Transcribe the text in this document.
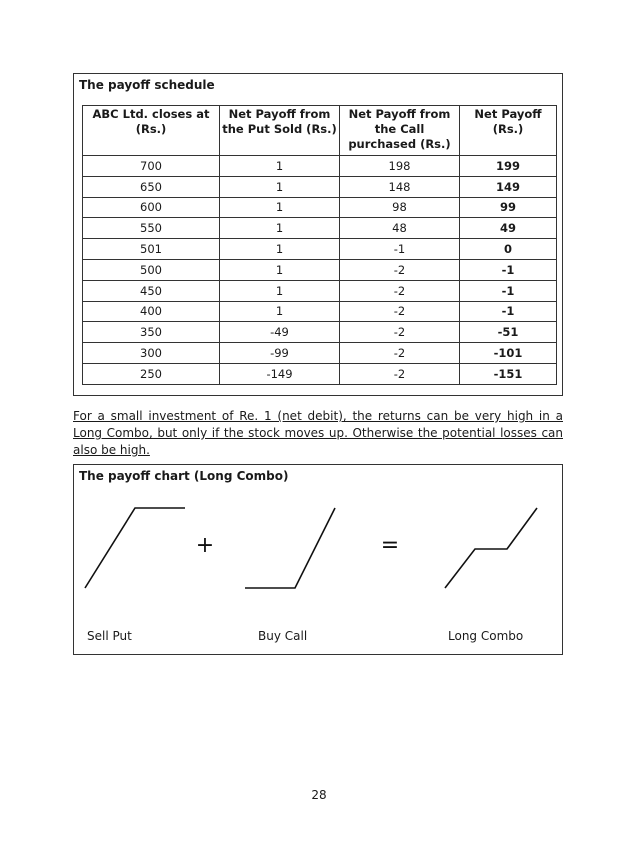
The payoff schedule
ABC Ltd. closes at (Rs.)	Net Payoff from the Put Sold (Rs.)	Net Payoff from the Call purchased (Rs.)	Net Payoff (Rs.)
700	1	198	199
650	1	148	149
600	1	98	99
550	1	48	49
501	1	-1	0
500	1	-2	-1
450	1	-2	-1
400	1	-2	-1
350	-49	-2	-51
300	-99	-2	-101
250	-149	-2	-151

For a small investment of Re. 1 (net debit), the returns can be very high in a Long Combo, but only if the stock moves up. Otherwise the potential losses can also be high.

The payoff chart (Long Combo)
+	=
Sell Put	Buy Call	Long Combo
28
